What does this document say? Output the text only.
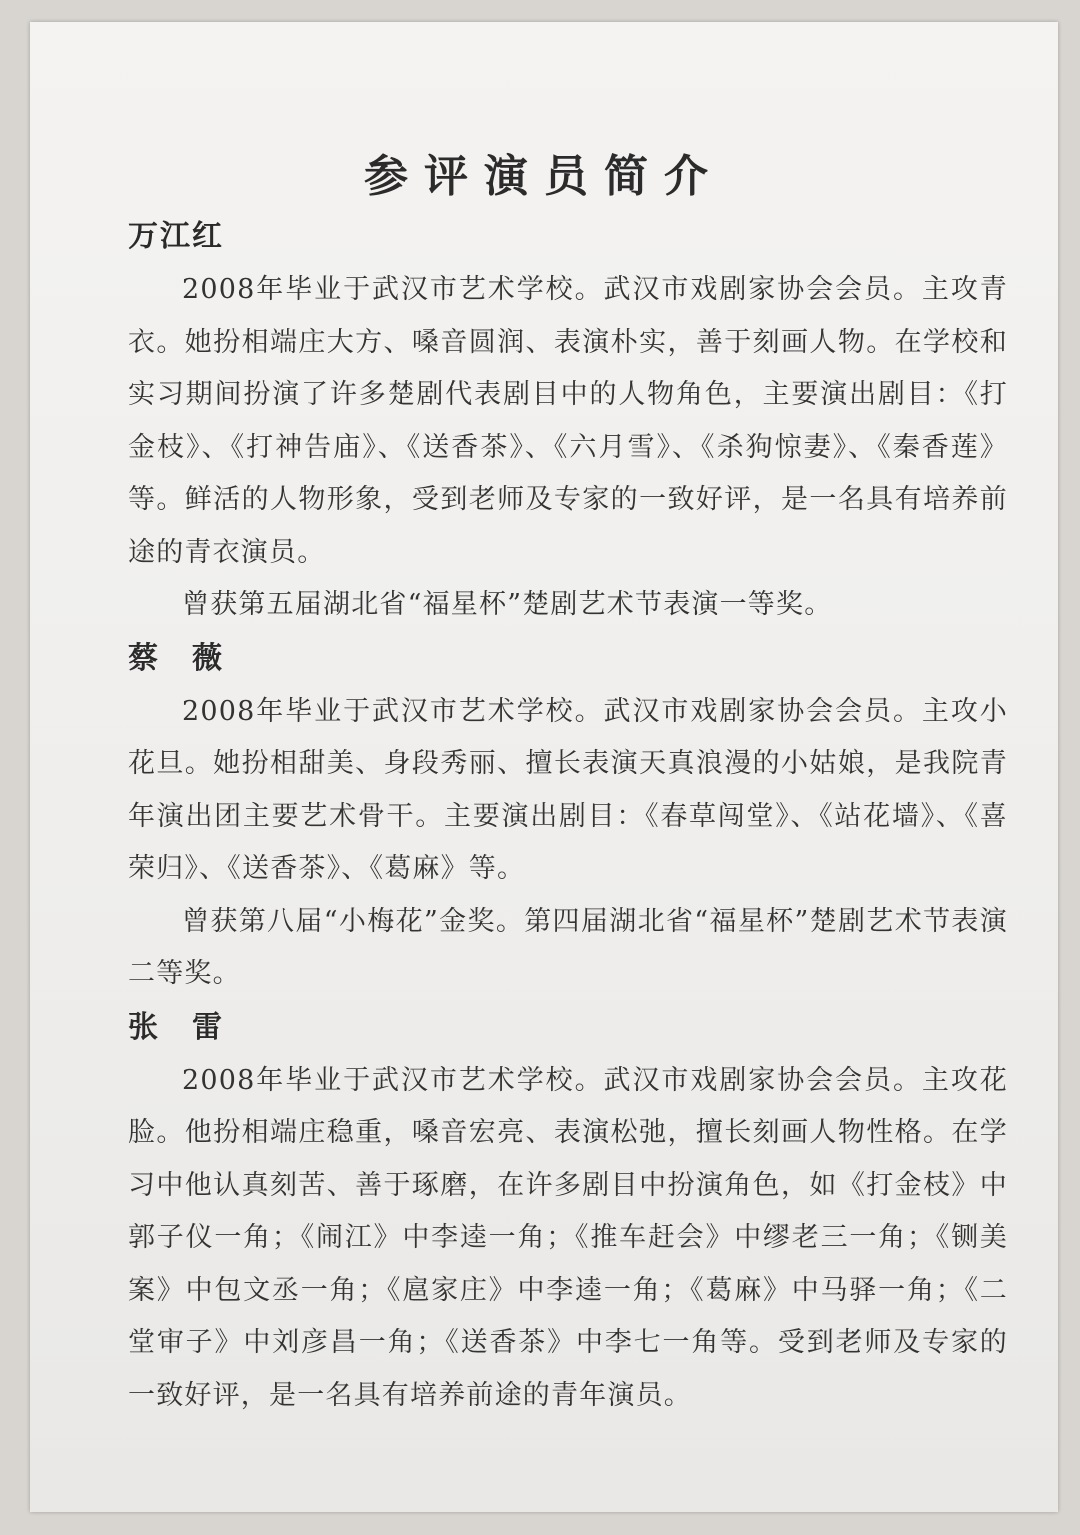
参评演员简介
万江红

2008年毕业于武汉市艺术学校。武汉市戏剧家协会会员。主攻青衣。她扮相端庄大方、嗓音圆润、表演朴实，善于刻画人物。在学校和实习期间扮演了许多楚剧代表剧目中的人物角色，主要演出剧目：《打金枝》、《打神告庙》、《送香茶》、《六月雪》、《杀狗惊妻》、《秦香莲》等。鲜活的人物形象，受到老师及专家的一致好评，是一名具有培养前途的青衣演员。

曾获第五届湖北省“福星杯”楚剧艺术节表演一等奖。

蔡　薇

2008年毕业于武汉市艺术学校。武汉市戏剧家协会会员。主攻小花旦。她扮相甜美、身段秀丽、擅长表演天真浪漫的小姑娘，是我院青年演出团主要艺术骨干。主要演出剧目：《春草闯堂》、《站花墙》、《喜荣归》、《送香茶》、《葛麻》等。

曾获第八届“小梅花”金奖。第四届湖北省“福星杯”楚剧艺术节表演二等奖。

张　雷

2008年毕业于武汉市艺术学校。武汉市戏剧家协会会员。主攻花脸。他扮相端庄稳重，嗓音宏亮、表演松弛，擅长刻画人物性格。在学习中他认真刻苦、善于琢磨，在许多剧目中扮演角色，如《打金枝》中郭子仪一角；《闹江》中李逵一角；《推车赶会》中缪老三一角；《铡美案》中包文丞一角；《扈家庄》中李逵一角；《葛麻》中马驿一角；《二堂审子》中刘彦昌一角；《送香茶》中李七一角等。受到老师及专家的一致好评，是一名具有培养前途的青年演员。
